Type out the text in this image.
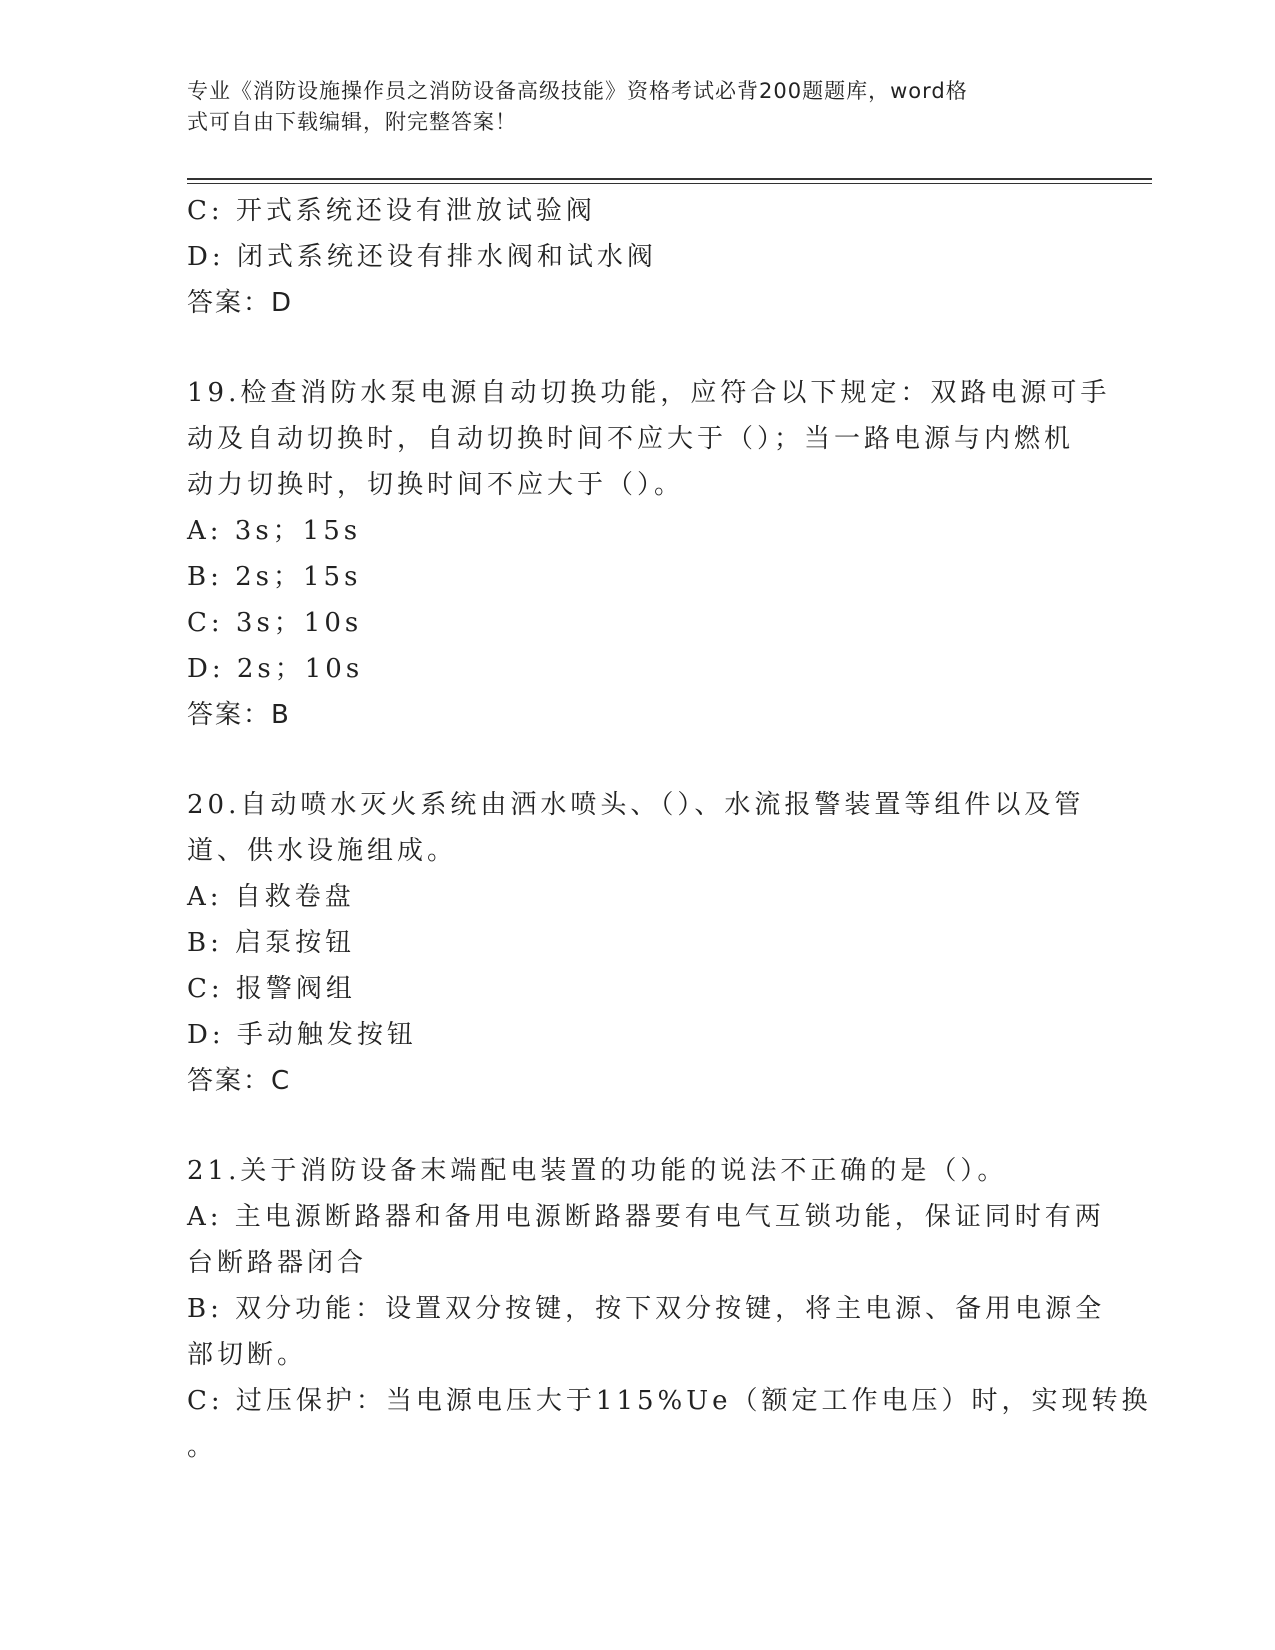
专业《消防设施操作员之消防设备高级技能》资格考试必背200题题库，word格
式可自由下载编辑，附完整答案！
C: 开式系统还设有泄放试验阀
D: 闭式系统还设有排水阀和试水阀
答案：D
19.检查消防水泵电源自动切换功能，应符合以下规定：双路电源可手
动及自动切换时，自动切换时间不应大于（）；当一路电源与内燃机
动力切换时，切换时间不应大于（）。
A: 3s；15s
B: 2s；15s
C: 3s；10s
D: 2s；10s
答案：B
20.自动喷水灭火系统由洒水喷头、（）、水流报警装置等组件以及管
道、供水设施组成。
A: 自救卷盘
B: 启泵按钮
C: 报警阀组
D: 手动触发按钮
答案：C
21.关于消防设备末端配电装置的功能的说法不正确的是（）。
A: 主电源断路器和备用电源断路器要有电气互锁功能，保证同时有两
台断路器闭合
B: 双分功能：设置双分按键，按下双分按键，将主电源、备用电源全
部切断。
C: 过压保护：当电源电压大于115%Ue（额定工作电压）时，实现转换
。
